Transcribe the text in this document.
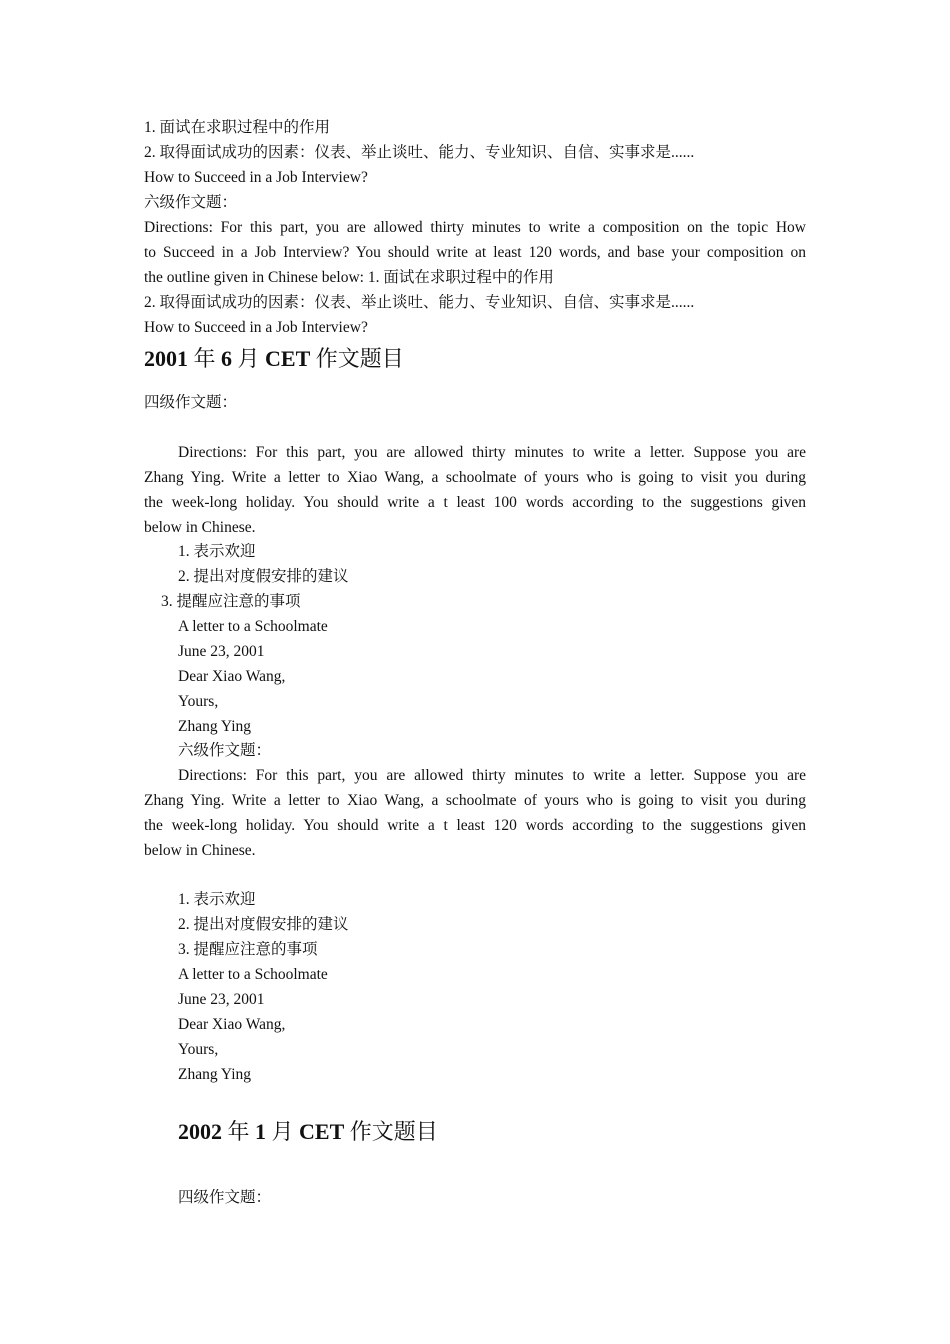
1. 面试在求职过程中的作用
2. 取得面试成功的因素：仪表、举止谈吐、能力、专业知识、自信、实事求是......
How to Succeed in a Job Interview?
六级作文题：
Directions: For this part, you are allowed thirty minutes to write a composition on the topic How
to Succeed in a Job Interview? You should write at least 120 words, and base your composition on
the outline given in Chinese below: 1. 面试在求职过程中的作用
2. 取得面试成功的因素：仪表、举止谈吐、能力、专业知识、自信、实事求是......
How to Succeed in a Job Interview?
2001 年 6 月 CET 作文题目
四级作文题：
Directions: For this part, you are allowed thirty minutes to write a letter. Suppose you are
Zhang Ying. Write a letter to Xiao Wang, a schoolmate of yours who is going to visit you during
the week-long holiday. You should write a t least 100 words according to the suggestions given
below in Chinese.
1. 表示欢迎
2. 提出对度假安排的建议
3. 提醒应注意的事项
A letter to a Schoolmate
June 23, 2001
Dear Xiao Wang,
Yours,
Zhang Ying
六级作文题：
Directions: For this part, you are allowed thirty minutes to write a letter. Suppose you are
Zhang Ying. Write a letter to Xiao Wang, a schoolmate of yours who is going to visit you during
the week-long holiday. You should write a t least 120 words according to the suggestions given
below in Chinese.
1. 表示欢迎
2. 提出对度假安排的建议
3. 提醒应注意的事项
A letter to a Schoolmate
June 23, 2001
Dear Xiao Wang,
Yours,
Zhang Ying
2002 年 1 月 CET 作文题目
四级作文题：
